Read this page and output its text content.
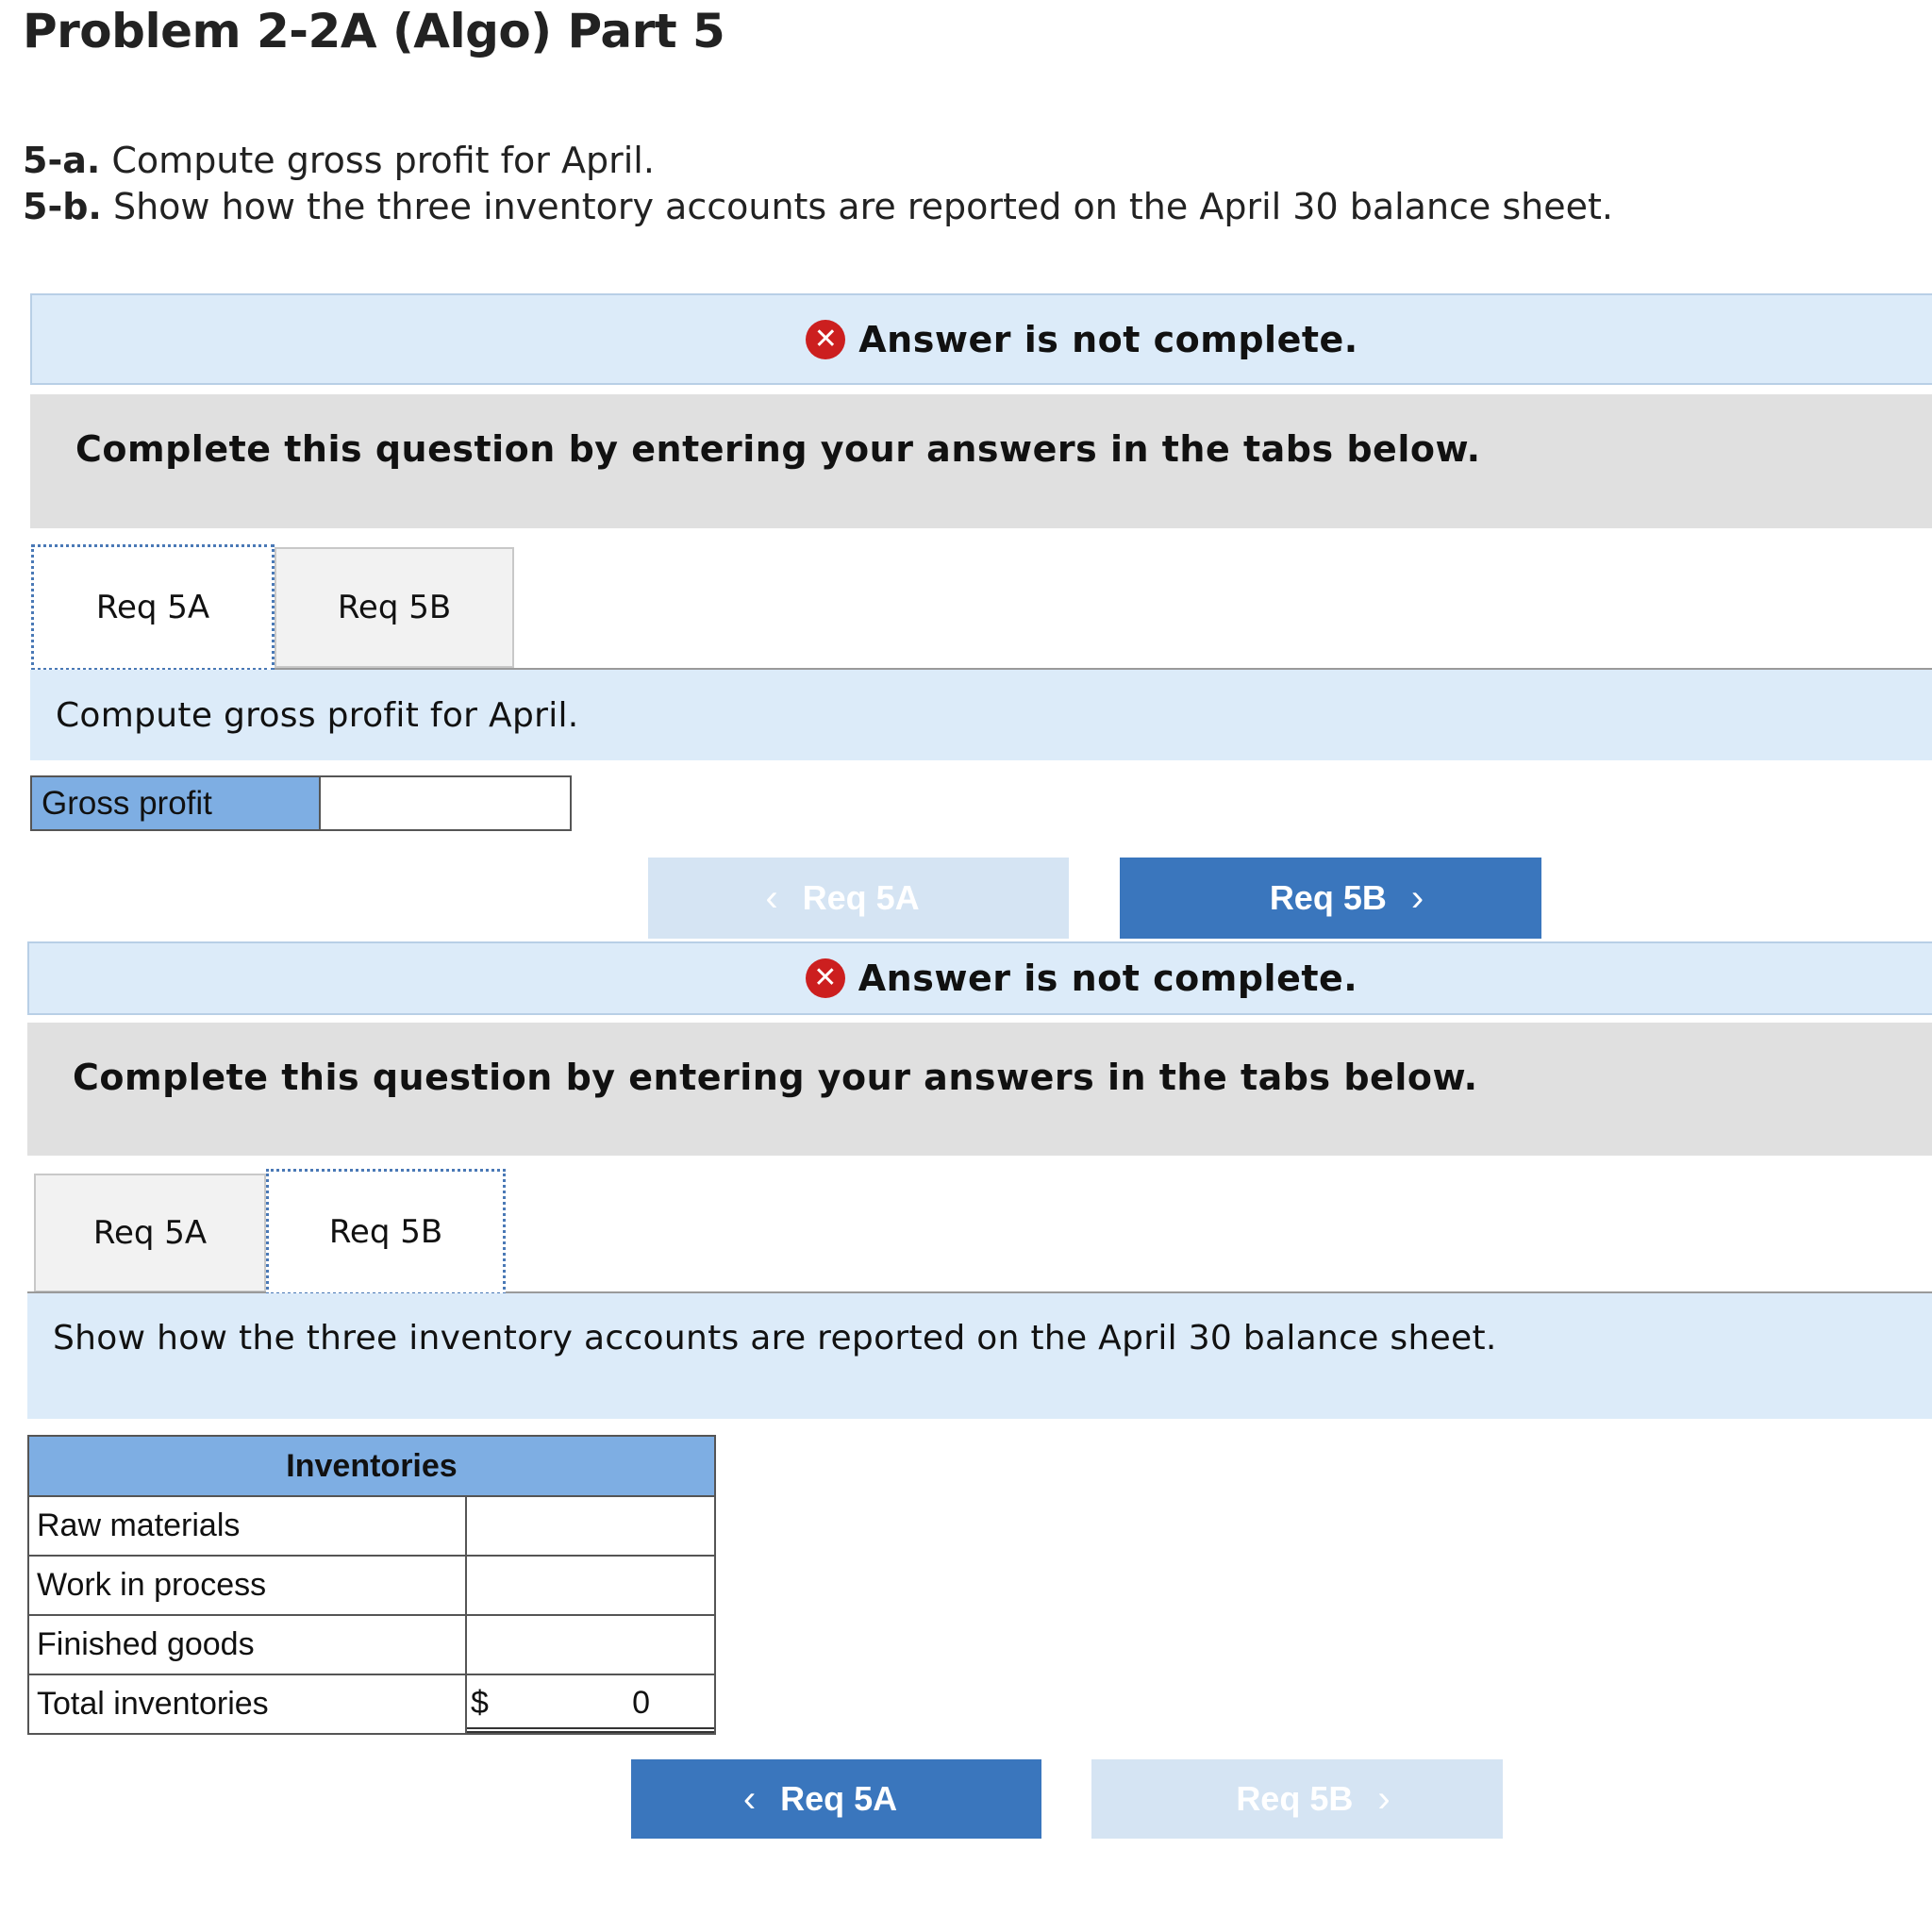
Problem 2-2A (Algo) Part 5
5-a. Compute gross profit for April.
5-b. Show how the three inventory accounts are reported on the April 30 balance sheet.
✕ Answer is not complete.
Complete this question by entering your answers in the tabs below.
Req 5A	Req 5B
Compute gross profit for April.
Gross profit
‹ Req 5A	Req 5B ›
✕ Answer is not complete.
Complete this question by entering your answers in the tabs below.
Req 5A	Req 5B
Show how the three inventory accounts are reported on the April 30 balance sheet.
Inventories	
Raw materials	
Work in process	
Finished goods	
Total inventories	$ 0
‹ Req 5A	Req 5B ›
